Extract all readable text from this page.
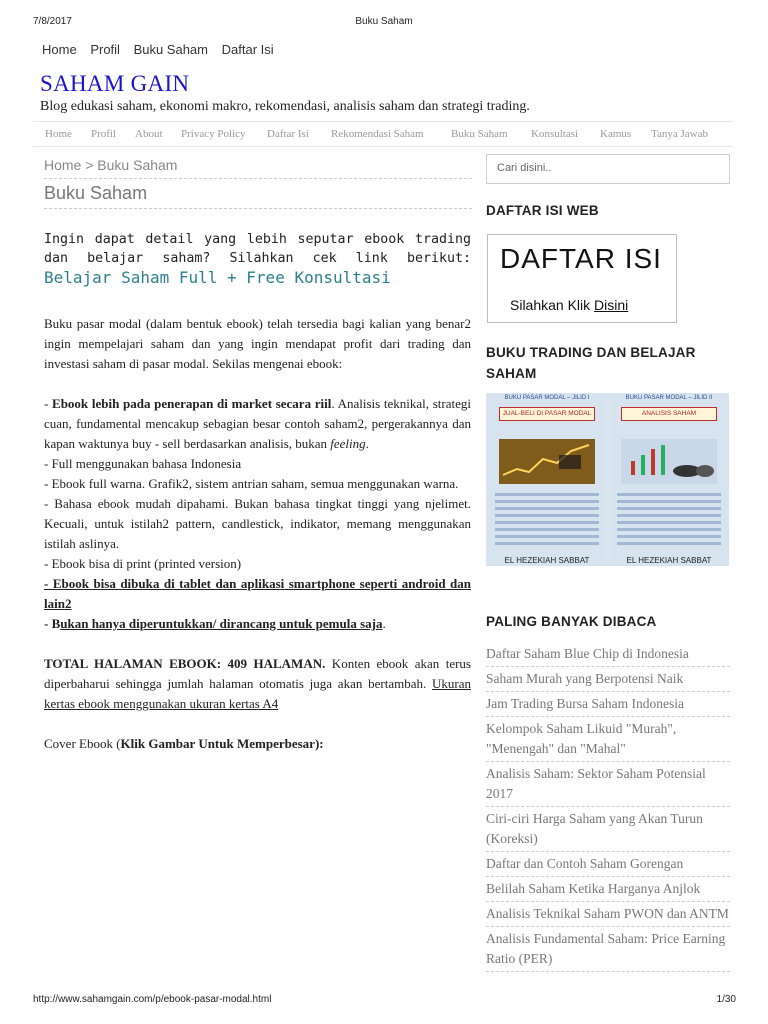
7/8/2017	Buku Saham
Home Profil Buku Saham Daftar Isi
SAHAM GAIN
Blog edukasi saham, ekonomi makro, rekomendasi, analisis saham dan strategi trading.
Home Profil About Privacy Policy Daftar Isi Rekomendasi Saham Buku Saham Konsultasi Kamus Tanya Jawab
Home > Buku Saham
Buku Saham
Ingin dapat detail yang lebih seputar ebook trading dan belajar saham? Silahkan cek link berikut: Belajar Saham Full + Free Konsultasi

Buku pasar modal (dalam bentuk ebook) telah tersedia bagi kalian yang benar2 ingin mempelajari saham dan yang ingin mendapat profit dari trading dan investasi saham di pasar modal. Sekilas mengenai ebook:

- Ebook lebih pada penerapan di market secara riil. Analisis teknikal, strategi cuan, fundamental mencakup sebagian besar contoh saham2, pergerakannya dan kapan waktunya buy - sell berdasarkan analisis, bukan feeling.

- Full menggunakan bahasa Indonesia

- Ebook full warna. Grafik2, sistem antrian saham, semua menggunakan warna.

- Bahasa ebook mudah dipahami. Bukan bahasa tingkat tinggi yang njelimet. Kecuali, untuk istilah2 pattern, candlestick, indikator, memang menggunakan istilah aslinya.

- Ebook bisa di print (printed version)

- Ebook bisa dibuka di tablet dan aplikasi smartphone seperti android dan lain2

- Bukan hanya diperuntukkan/ dirancang untuk pemula saja.

TOTAL HALAMAN EBOOK: 409 HALAMAN. Konten ebook akan terus diperbaharui sehingga jumlah halaman otomatis juga akan bertambah. Ukuran kertas ebook menggunakan ukuran kertas A4

Cover Ebook (Klik Gambar Untuk Memperbesar):

Cari disini..
DAFTAR ISI WEB
DAFTAR ISI
Silahkan Klik Disini
BUKU TRADING DAN BELAJAR SAHAM
BUKU PASAR MODAL – JILID I
JUAL-BELI DI PASAR MODAL
EL HEZEKIAH SABBAT
BUKU PASAR MODAL – JILID II
ANALISIS SAHAM
EL HEZEKIAH SABBAT
PALING BANYAK DIBACA
Daftar Saham Blue Chip di Indonesia
Saham Murah yang Berpotensi Naik
Jam Trading Bursa Saham Indonesia
Kelompok Saham Likuid "Murah", "Menengah" dan "Mahal"
Analisis Saham: Sektor Saham Potensial 2017
Ciri-ciri Harga Saham yang Akan Turun (Koreksi)
Daftar dan Contoh Saham Gorengan
Belilah Saham Ketika Harganya Anjlok
Analisis Teknikal Saham PWON dan ANTM
Analisis Fundamental Saham: Price Earning Ratio (PER)
http://www.sahamgain.com/p/ebook-pasar-modal.html	1/30
